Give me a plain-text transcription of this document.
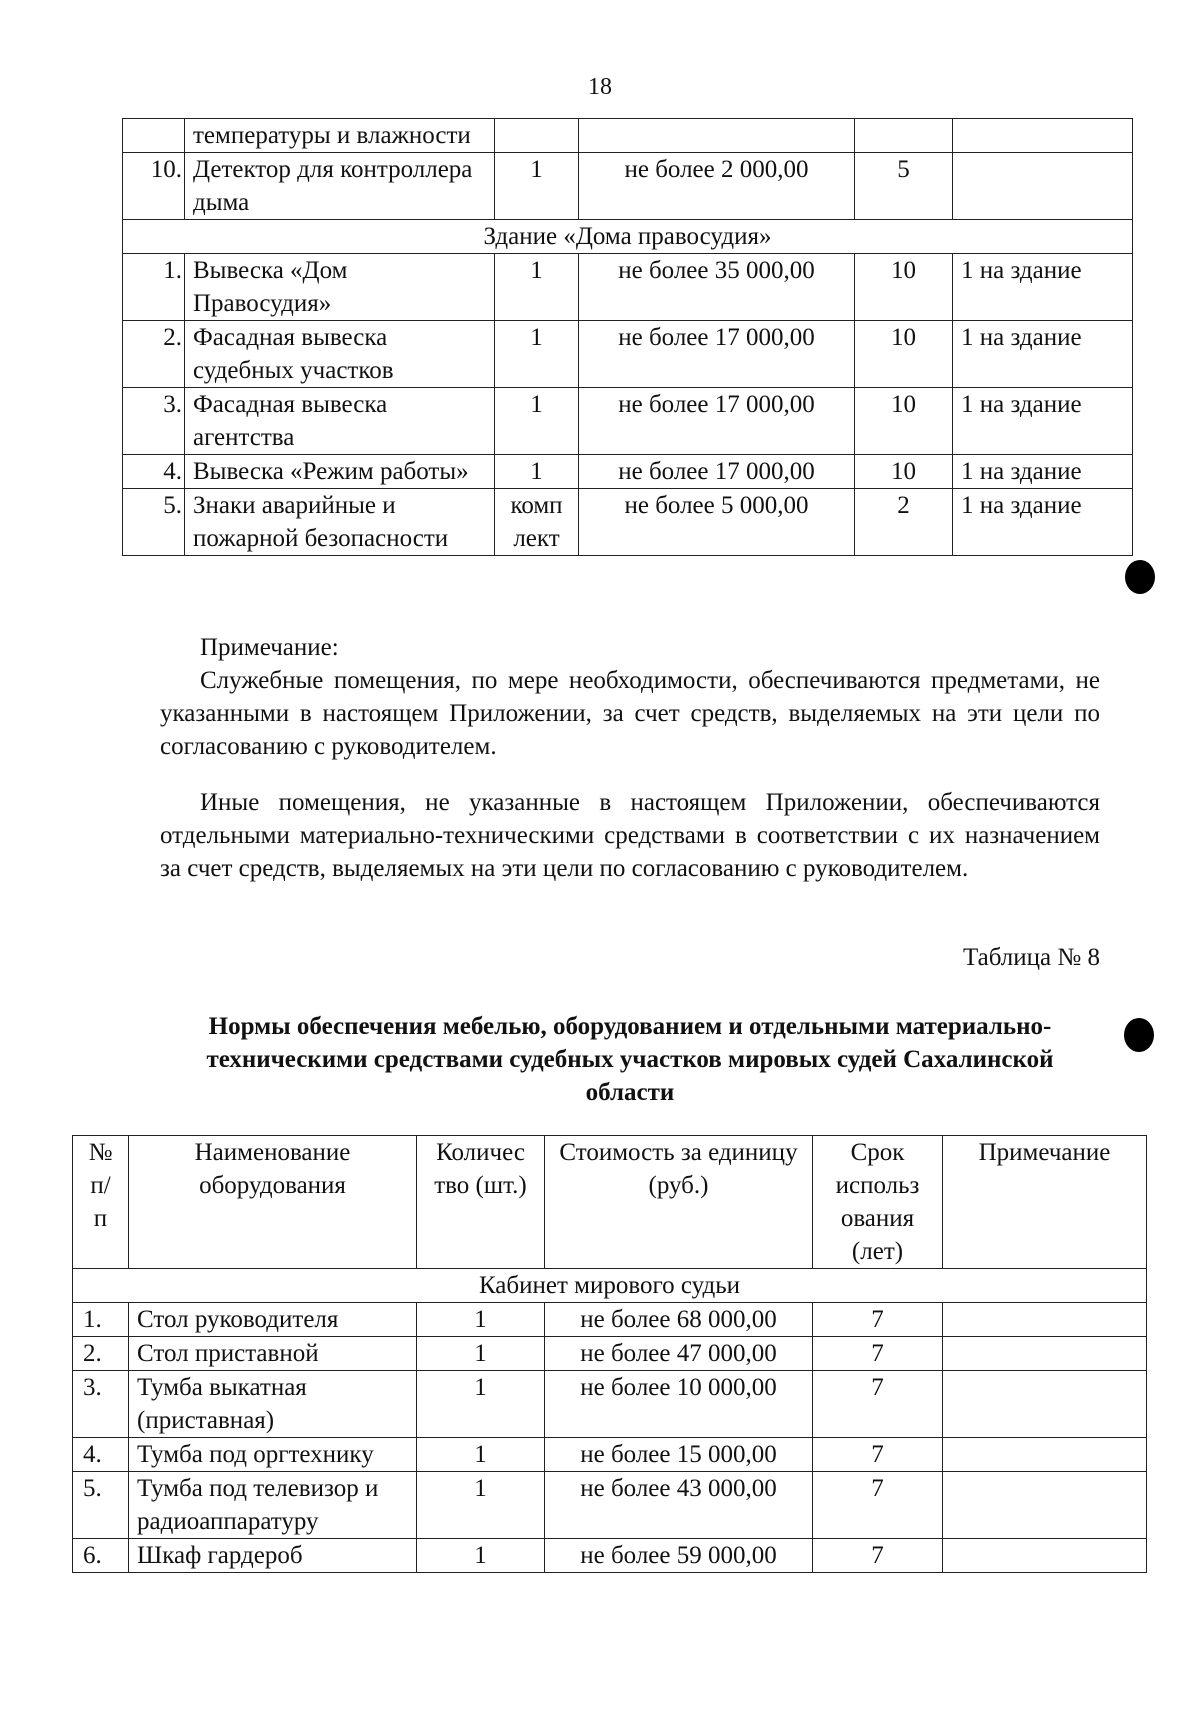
18
	температуры и влажности				
10.	Детектор для контроллера дыма	1	не более 2 000,00	5	
Здание «Дома правосудия»					
1.	Вывеска «Дом Правосудия»	1	не более 35 000,00	10	1 на здание
2.	Фасадная вывеска судебных участков	1	не более 17 000,00	10	1 на здание
3.	Фасадная вывеска агентства	1	не более 17 000,00	10	1 на здание
4.	Вывеска «Режим работы»	1	не более 17 000,00	10	1 на здание
5.	Знаки аварийные и пожарной безопасности	комп лект	не более 5 000,00	2	1 на здание
Примечание:

Служебные помещения, по мере необходимости, обеспечиваются предметами, не указанными в настоящем Приложении, за счет средств, выделяемых на эти цели по согласованию с руководителем.

Иные помещения, не указанные в настоящем Приложении, обеспечиваются отдельными материально-техническими средствами в соответствии с их назначением за счет средств, выделяемых на эти цели по согласованию с руководителем.

Таблица № 8
Нормы обеспечения мебелью, оборудованием и отдельными материально-техническими средствами судебных участков мировых судей Сахалинской области
№ п/ п	Наименование оборудования	Количес тво (шт.)	Стоимость за единицу (руб.)	Срок использ ования (лет)	Примечание
Кабинет мирового судьи					
1.	Стол руководителя	1	не более 68 000,00	7	
2.	Стол приставной	1	не более 47 000,00	7	
3.	Тумба выкатная (приставная)	1	не более 10 000,00	7	
4.	Тумба под оргтехнику	1	не более 15 000,00	7	
5.	Тумба под телевизор и радиоаппаратуру	1	не более 43 000,00	7	
6.	Шкаф гардероб	1	не более 59 000,00	7	
